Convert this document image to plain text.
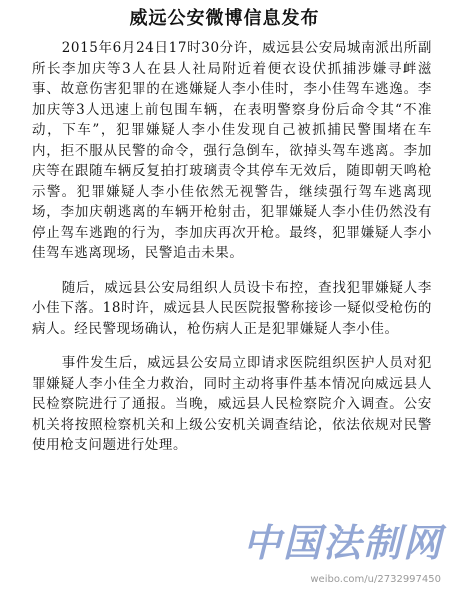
威远公安微博信息发布

2015年6月24日17时30分许，威远县公安局城南派出所副所长李加庆等3人在县人社局附近着便衣设伏抓捕涉嫌寻衅滋事、故意伤害犯罪的在逃嫌疑人李小佳时，李小佳驾车逃逸。李加庆等3人迅速上前包围车辆，在表明警察身份后命令其“不准动，下车”，犯罪嫌疑人李小佳发现自己被抓捕民警围堵在车内，拒不服从民警的命令，强行急倒车，欲掉头驾车逃离。李加庆等在跟随车辆反复拍打玻璃责令其停车无效后，随即朝天鸣枪示警。犯罪嫌疑人李小佳依然无视警告，继续强行驾车逃离现场，李加庆朝逃离的车辆开枪射击，犯罪嫌疑人李小佳仍然没有停止驾车逃跑的行为，李加庆再次开枪。最终，犯罪嫌疑人李小佳驾车逃离现场，民警追击未果。

随后，威远县公安局组织人员设卡布控，查找犯罪嫌疑人李小佳下落。18时许，威远县人民医院报警称接诊一疑似受枪伤的病人。经民警现场确认，枪伤病人正是犯罪嫌疑人李小佳。

事件发生后，威远县公安局立即请求医院组织医护人员对犯罪嫌疑人李小佳全力救治，同时主动将事件基本情况向威远县人民检察院进行了通报。当晚，威远县人民检察院介入调查。公安机关将按照检察机关和上级公安机关调查结论，依法依规对民警使用枪支问题进行处理。

中国法制网
weibo.com/u/2732997450
